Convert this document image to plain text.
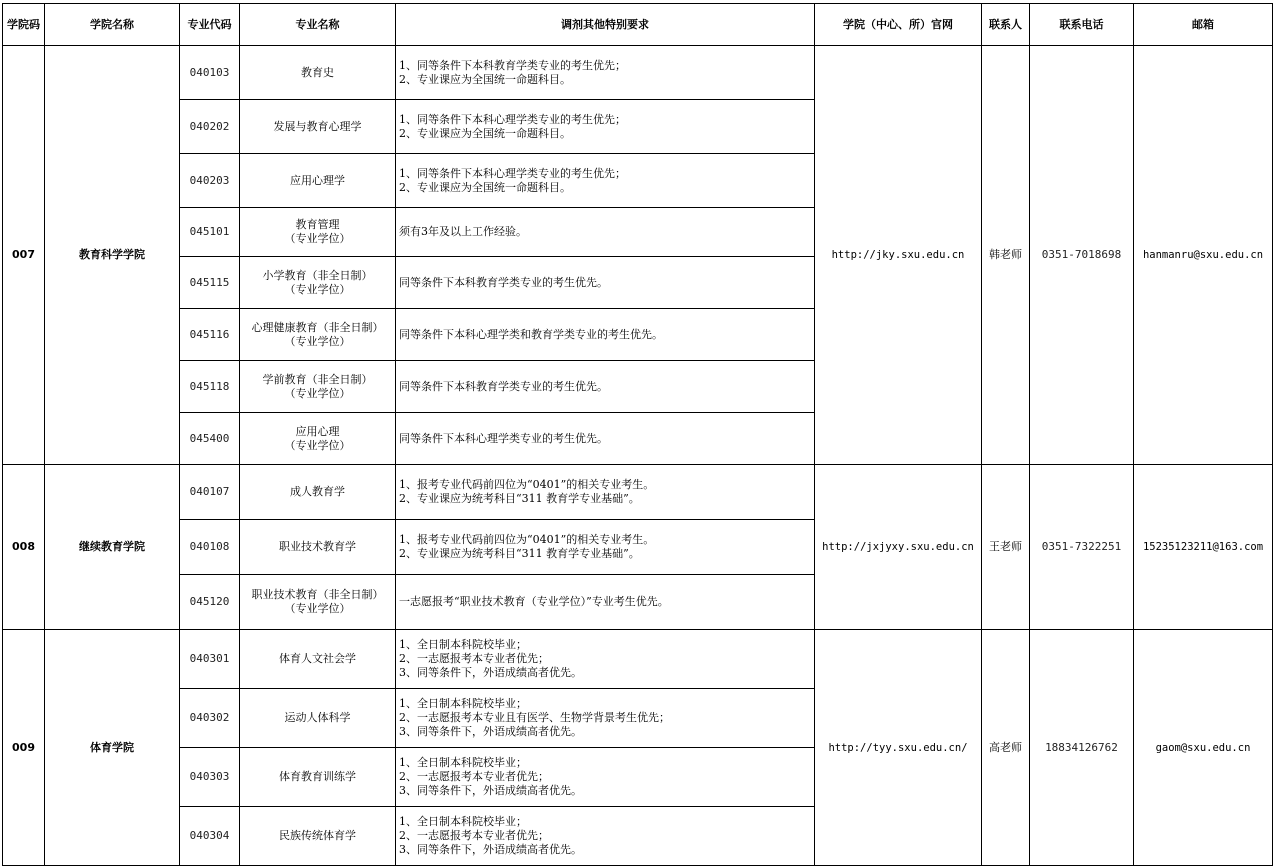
学院码	学院名称	专业代码	专业名称	调剂其他特别要求	学院（中心、所）官网	联系人	联系电话	邮箱
007	教育科学学院	040103	教育史	1、同等条件下本科教育学类专业的考生优先；
2、专业课应为全国统一命题科目。	http://jky.sxu.edu.cn	韩老师	0351-7018698	hanmanru@sxu.edu.cn
		040202	发展与教育心理学	1、同等条件下本科心理学类专业的考生优先；
2、专业课应为全国统一命题科目。				

		040203	应用心理学	1、同等条件下本科心理学类专业的考生优先；
2、专业课应为全国统一命题科目。				

		045101	教育管理
（专业学位）	须有3年及以上工作经验。				

		045115	小学教育（非全日制）
（专业学位）	同等条件下本科教育学类专业的考生优先。				

		045116	心理健康教育（非全日制）
（专业学位）	同等条件下本科心理学类和教育学类专业的考生优先。				

		045118	学前教育（非全日制）
（专业学位）	同等条件下本科教育学类专业的考生优先。				

		045400	应用心理
（专业学位）	同等条件下本科心理学类专业的考生优先。				

008	继续教育学院	040107	成人教育学	1、报考专业代码前四位为“0401”的相关专业考生。
2、专业课应为统考科目“311 教育学专业基础”。	http://jxjyxy.sxu.edu.cn	王老师	0351-7322251	15235123211@163.com
		040108	职业技术教育学	1、报考专业代码前四位为“0401”的相关专业考生。
2、专业课应为统考科目“311 教育学专业基础”。				

		045120	职业技术教育（非全日制）
（专业学位）	一志愿报考“职业技术教育（专业学位）”专业考生优先。				

009	体育学院	040301	体育人文社会学	1、全日制本科院校毕业；
2、一志愿报考本专业者优先；
3、同等条件下，外语成绩高者优先。	http://tyy.sxu.edu.cn/	高老师	18834126762	gaom@sxu.edu.cn
		040302	运动人体科学	1、全日制本科院校毕业；
2、一志愿报考本专业且有医学、生物学背景考生优先；
3、同等条件下，外语成绩高者优先。				

		040303	体育教育训练学	1、全日制本科院校毕业；
2、一志愿报考本专业者优先；
3、同等条件下，外语成绩高者优先。				

		040304	民族传统体育学	1、全日制本科院校毕业；
2、一志愿报考本专业者优先；
3、同等条件下，外语成绩高者优先。				
